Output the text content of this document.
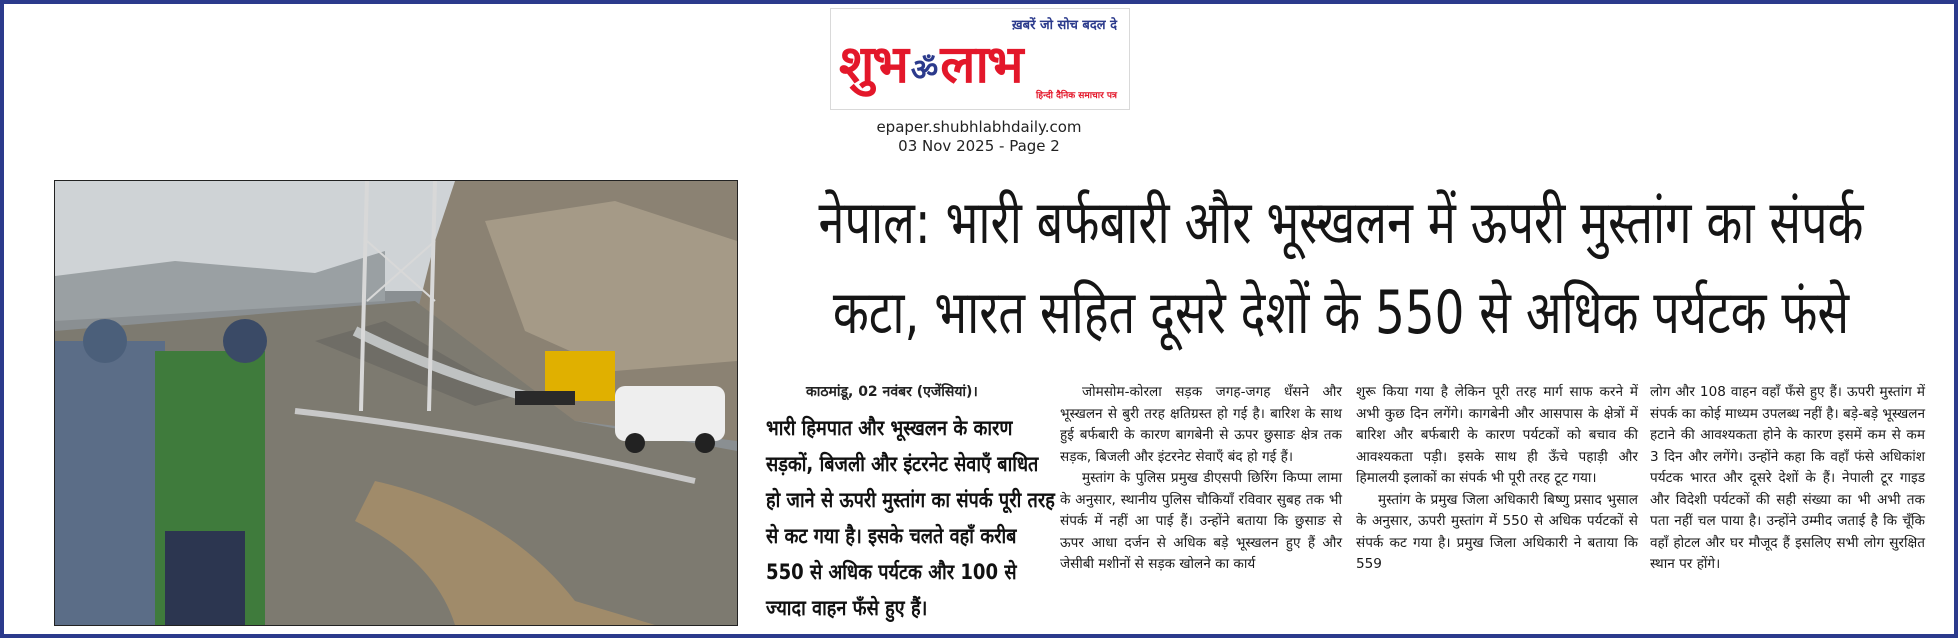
ख़बरें जो सोच बदल दे
शुभ ॐलाभ
हिन्दी दैनिक समाचार पत्र
epaper.shubhlabhdaily.com
03 Nov 2025 - Page 2
नेपाल: भारी बर्फबारी और भूस्खलन में ऊपरी मुस्तांग का संपर्क
कटा, भारत सहित दूसरे देशों के 550 से अधिक पर्यटक फंसे
काठमांडू, 02 नवंबर (एजेंसियां)।
भारी हिमपात और भूस्खलन के कारण सड़कों, बिजली और इंटरनेट सेवाएँ बाधित हो जाने से ऊपरी मुस्तांग का संपर्क पूरी तरह से कट गया है। इसके चलते वहाँ करीब 550 से अधिक पर्यटक और 100 से ज्यादा वाहन फँसे हुए हैं।

जोमसोम-कोरला सड़क जगह-जगह धँसने और भूस्खलन से बुरी तरह क्षतिग्रस्त हो गई है। बारिश के साथ हुई बर्फबारी के कारण बागबेनी से ऊपर छुसाङ क्षेत्र तक सड़क, बिजली और इंटरनेट सेवाएँ बंद हो गई हैं।

मुस्तांग के पुलिस प्रमुख डीएसपी छिरिंग किप्पा लामा के अनुसार, स्थानीय पुलिस चौकियाँ रविवार सुबह तक भी संपर्क में नहीं आ पाई हैं। उन्होंने बताया कि छुसाङ से ऊपर आधा दर्जन से अधिक बड़े भूस्खलन हुए हैं और जेसीबी मशीनों से सड़क खोलने का कार्य

शुरू किया गया है लेकिन पूरी तरह मार्ग साफ करने में अभी कुछ दिन लगेंगे। कागबेनी और आसपास के क्षेत्रों में बारिश और बर्फबारी के कारण पर्यटकों को बचाव की आवश्यकता पड़ी। इसके साथ ही ऊँचे पहाड़ी और हिमालयी इलाकों का संपर्क भी पूरी तरह टूट गया।

मुस्तांग के प्रमुख जिला अधिकारी बिष्णु प्रसाद भुसाल के अनुसार, ऊपरी मुस्तांग में 550 से अधिक पर्यटकों से संपर्क कट गया है। प्रमुख जिला अधिकारी ने बताया कि 559

लोग और 108 वाहन वहाँ फँसे हुए हैं। ऊपरी मुस्तांग में संपर्क का कोई माध्यम उपलब्ध नहीं है। बड़े-बड़े भूस्खलन हटाने की आवश्यकता होने के कारण इसमें कम से कम 3 दिन और लगेंगे। उन्होंने कहा कि वहाँ फंसे अधिकांश पर्यटक भारत और दूसरे देशों के हैं। नेपाली टूर गाइड और विदेशी पर्यटकों की सही संख्या का भी अभी तक पता नहीं चल पाया है। उन्होंने उम्मीद जताई है कि चूँकि वहाँ होटल और घर मौजूद हैं इसलिए सभी लोग सुरक्षित स्थान पर होंगे।
